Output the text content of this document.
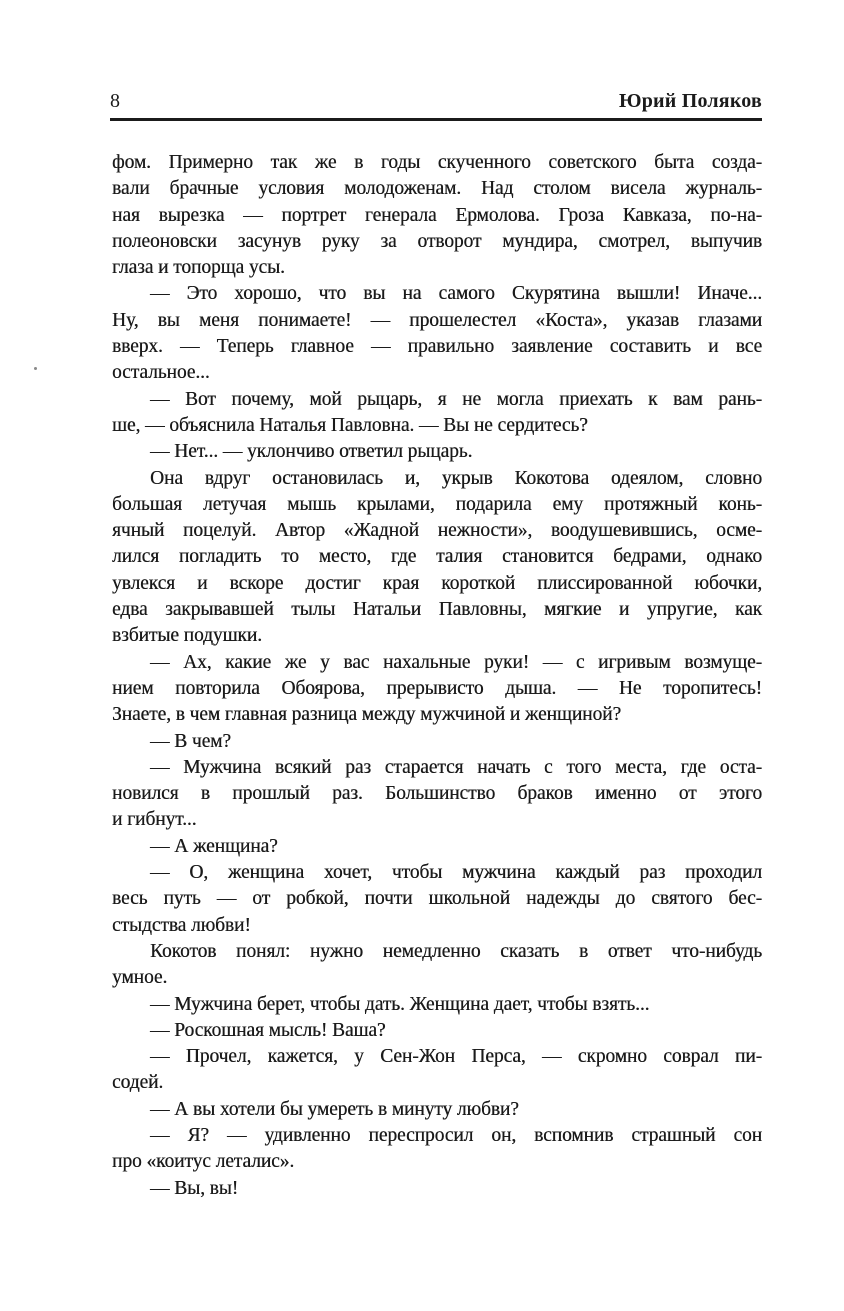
8	Юрий Поляков
фом. Примерно так же в годы скученного советского быта созда-
вали брачные условия молодоженам. Над столом висела журналь-
ная вырезка — портрет генерала Ермолова. Гроза Кавказа, по-на-
полеоновски засунув руку за отворот мундира, смотрел, выпучив
глаза и топорща усы.
— Это хорошо, что вы на самого Скурятина вышли! Иначе...
Ну, вы меня понимаете! — прошелестел «Коста», указав глазами
вверх. — Теперь главное — правильно заявление составить и все
остальное...
— Вот почему, мой рыцарь, я не могла приехать к вам рань-
ше, — объяснила Наталья Павловна. — Вы не сердитесь?
— Нет... — уклончиво ответил рыцарь.
Она вдруг остановилась и, укрыв Кокотова одеялом, словно
большая летучая мышь крылами, подарила ему протяжный конь-
ячный поцелуй. Автор «Жадной нежности», воодушевившись, осме-
лился погладить то место, где талия становится бедрами, однако
увлекся и вскоре достиг края короткой плиссированной юбочки,
едва закрывавшей тылы Натальи Павловны, мягкие и упругие, как
взбитые подушки.
— Ах, какие же у вас нахальные руки! — с игривым возмуще-
нием повторила Обоярова, прерывисто дыша. — Не торопитесь!
Знаете, в чем главная разница между мужчиной и женщиной?
— В чем?
— Мужчина всякий раз старается начать с того места, где оста-
новился в прошлый раз. Большинство браков именно от этого
и гибнут...
— А женщина?
— О, женщина хочет, чтобы мужчина каждый раз проходил
весь путь — от робкой, почти школьной надежды до святого бес-
стыдства любви!
Кокотов понял: нужно немедленно сказать в ответ что-нибудь
умное.
— Мужчина берет, чтобы дать. Женщина дает, чтобы взять...
— Роскошная мысль! Ваша?
— Прочел, кажется, у Сен-Жон Перса, — скромно соврал пи-
содей.
— А вы хотели бы умереть в минуту любви?
— Я? — удивленно переспросил он, вспомнив страшный сон
про «коитус леталис».
— Вы, вы!
